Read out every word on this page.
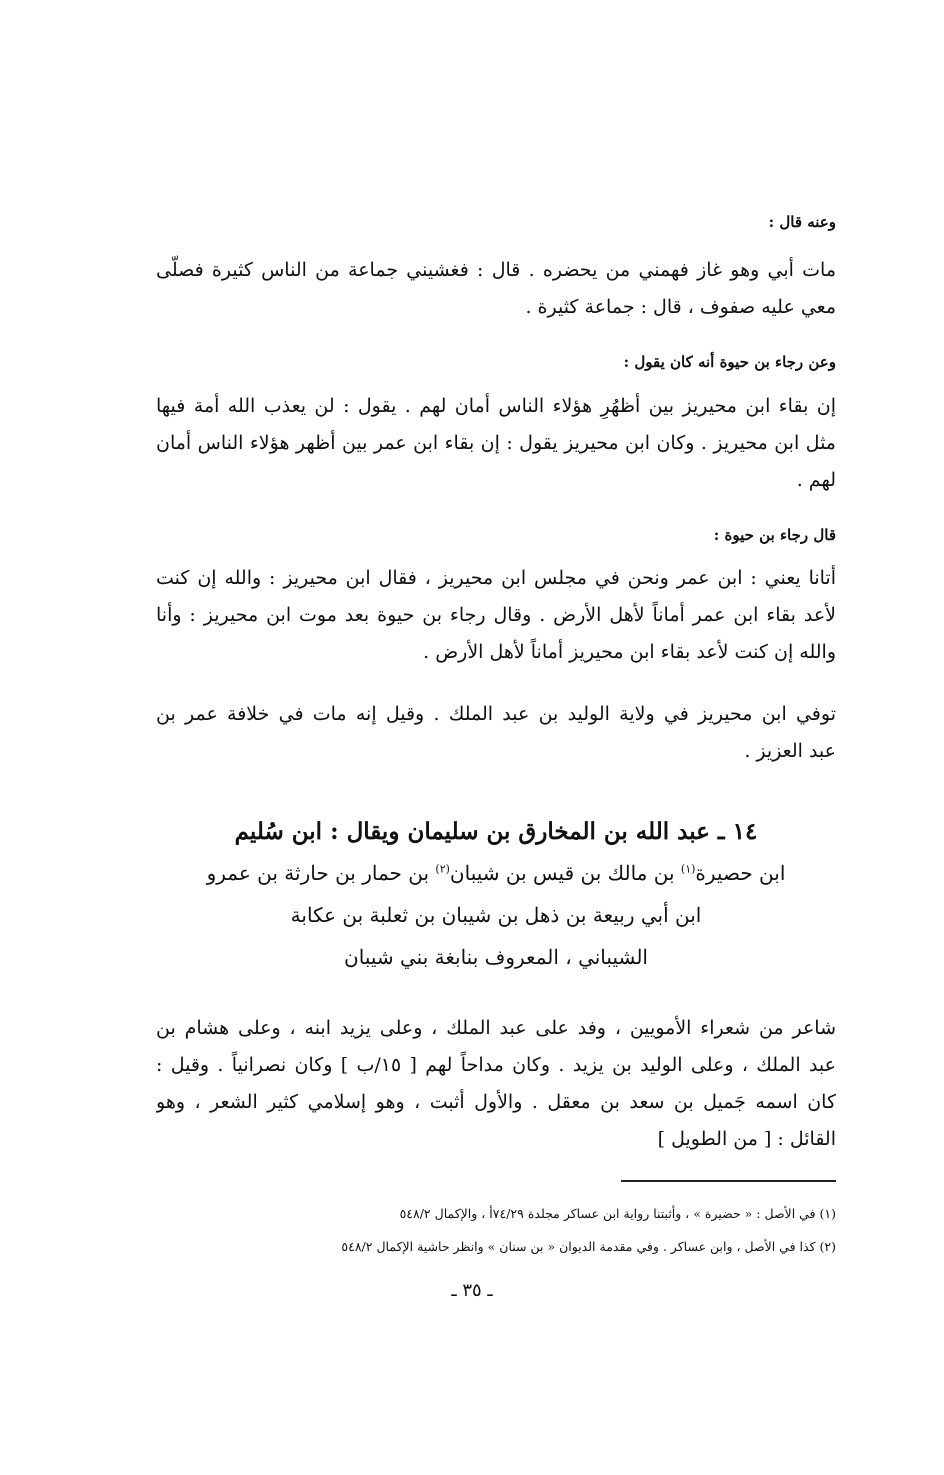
وعنه قال :
مات أبي وهو غاز فهمني من يحضره . قال : فغشيني جماعة من الناس كثيرة فصلّى
معي عليه صفوف ، قال : جماعة كثيرة .
وعن رجاء بن حيوة أنه كان يقول :
إن بقاء ابن محيريز بين أظهُرِ هؤلاء الناس أمان لهم . يقول : لن يعذب الله أمة فيها
مثل ابن محيريز . وكان ابن محيريز يقول : إن بقاء ابن عمر بين أظهر هؤلاء الناس أمان
لهم .
قال رجاء بن حيوة :
أتانا يعني : ابن عمر ونحن في مجلس ابن محيريز ، فقال ابن محيريز : والله إن كنت
لأعد بقاء ابن عمر أماناً لأهل الأرض . وقال رجاء بن حيوة بعد موت ابن محيريز : وأنا
والله إن كنت لأعد بقاء ابن محيريز أماناً لأهل الأرض .
توفي ابن محيريز في ولاية الوليد بن عبد الملك . وقيل إنه مات في خلافة عمر بن
عبد العزيز .
١٤ ـ عبد الله بن المخارق بن سليمان ويقال : ابن سُليم
ابن حصيرة$^{(١)}$ بن مالك بن قيس بن شيبان$^{(٢)}$ بن حمار بن حارثة بن عمرو
ابن أبي ربيعة بن ذهل بن شيبان بن ثعلبة بن عكابة
الشيباني ، المعروف بنابغة بني شيبان
شاعر من شعراء الأمويين ، وفد على عبد الملك ، وعلى يزيد ابنه ، وعلى هشام بن
عبد الملك ، وعلى الوليد بن يزيد . وكان مداحاً لهم [ ١٥/ب ] وكان نصرانياً . وقيل :
كان اسمه جَميل بن سعد بن معقل . والأول أثبت ، وهو إسلامي كثير الشعر ، وهو
القائل : [ من الطويل ]
(١) في الأصل : « حضيرة » ، وأثبتنا رواية ابن عساكر مجلدة ٧٤/٢٩أ ، والإكمال ٥٤٨/٢
(٢) كذا في الأصل ، وابن عساكر . وفي مقدمة الديوان « بن سنان » وانظر حاشية الإكمال ٥٤٨/٢
ـ ٣٥ ـ
